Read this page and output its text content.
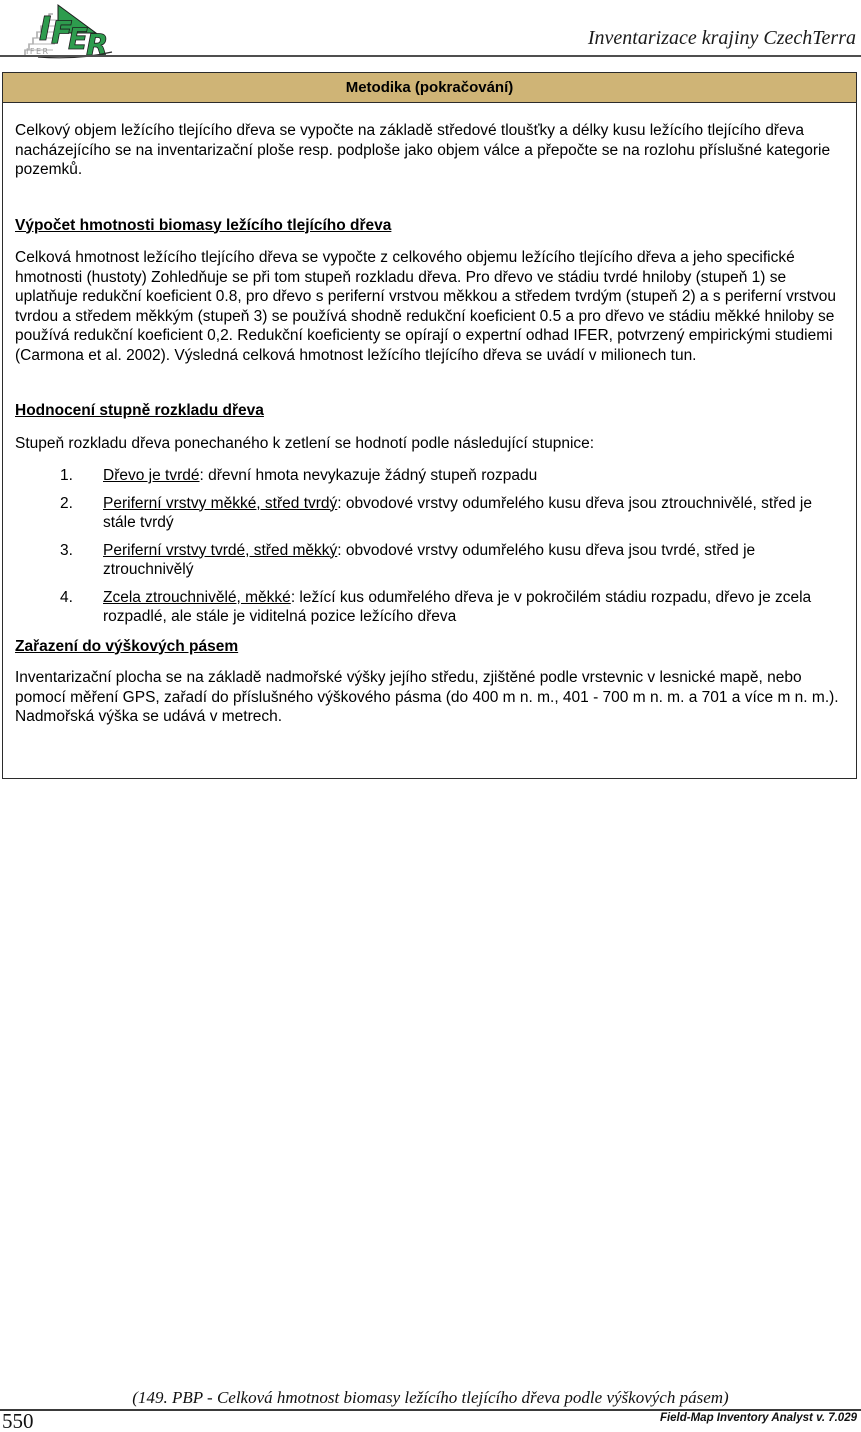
I F
E
R
IFER
Inventarizace krajiny CzechTerra
Metodika (pokračování)

Celkový objem ležícího tlejícího dřeva se vypočte na základě středové tloušťky a délky kusu ležícího tlejícího dřeva nacházejícího se na inventarizační ploše resp. podploše jako objem válce a přepočte se na rozlohu příslušné kategorie pozemků.

Výpočet hmotnosti biomasy ležícího tlejícího dřeva

Celková hmotnost ležícího tlejícího dřeva se vypočte z celkového objemu ležícího tlejícího dřeva a jeho specifické hmotnosti (hustoty) Zohledňuje se při tom stupeň rozkladu dřeva. Pro dřevo ve stádiu tvrdé hniloby (stupeň 1) se uplatňuje redukční koeficient 0.8, pro dřevo s periferní vrstvou měkkou a středem tvrdým (stupeň 2) a s periferní vrstvou tvrdou a středem měkkým (stupeň 3) se používá shodně redukční koeficient 0.5 a pro dřevo ve stádiu měkké hniloby se používá redukční koeficient 0,2. Redukční koeficienty se opírají o expertní odhad IFER, potvrzený empirickými studiemi (Carmona et al. 2002). Výsledná celková hmotnost ležícího tlejícího dřeva se uvádí v milionech tun.

Hodnocení stupně rozkladu dřeva

Stupeň rozkladu dřeva ponechaného k zetlení se hodnotí podle následující stupnice:

1.	Dřevo je tvrdé: dřevní hmota nevykazuje žádný stupeň rozpadu
2.	Periferní vrstvy měkké, střed tvrdý: obvodové vrstvy odumřelého kusu dřeva jsou ztrouchnivělé, střed je stále tvrdý
3.	Periferní vrstvy tvrdé, střed měkký: obvodové vrstvy odumřelého kusu dřeva jsou tvrdé, střed je ztrouchnivělý
4.	Zcela ztrouchnivělé, měkké: ležící kus odumřelého dřeva je v pokročilém stádiu rozpadu, dřevo je zcela rozpadlé, ale stále je viditelná pozice ležícího dřeva
Zařazení do výškových pásem

Inventarizační plocha se na základě nadmořské výšky jejího středu, zjištěné podle vrstevnic v lesnické mapě, nebo pomocí měření GPS, zařadí do příslušného výškového pásma (do 400 m n. m., 401 - 700 m n. m. a 701 a více m n. m.). Nadmořská výška se udává v metrech.

(149. PBP - Celková hmotnost biomasy ležícího tlejícího dřeva podle výškových pásem)
550	Field-Map Inventory Analyst v. 7.029
